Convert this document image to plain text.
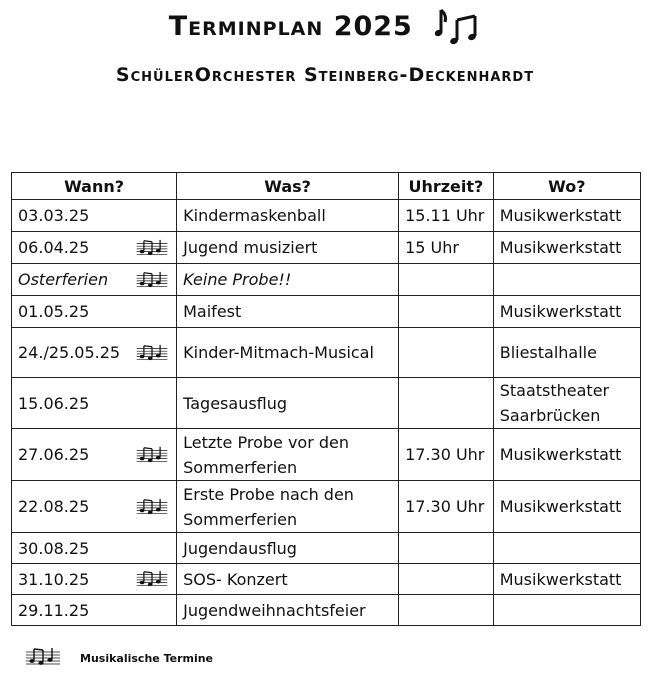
Terminplan 2025
SchülerOrchester Steinberg-Deckenhardt
Wann?	Was?	Uhrzeit?	Wo?
03.03.25	Kindermaskenball	15.11 Uhr	Musikwerkstatt
06.04.25	Jugend musiziert	15 Uhr	Musikwerkstatt
Osterferien	Keine Probe!!		
01.05.25	Maifest		Musikwerkstatt
24./25.05.25	Kinder-Mitmach-Musical		Bliestalhalle
15.06.25	Tagesausflug		Staatstheater Saarbrücken
27.06.25	Letzte Probe vor den Sommerferien	17.30 Uhr	Musikwerkstatt
22.08.25	Erste Probe nach den Sommerferien	17.30 Uhr	Musikwerkstatt
30.08.25	Jugendausflug		
31.10.25	SOS- Konzert		Musikwerkstatt
29.11.25	Jugendweihnachtsfeier		
Musikalische Termine
